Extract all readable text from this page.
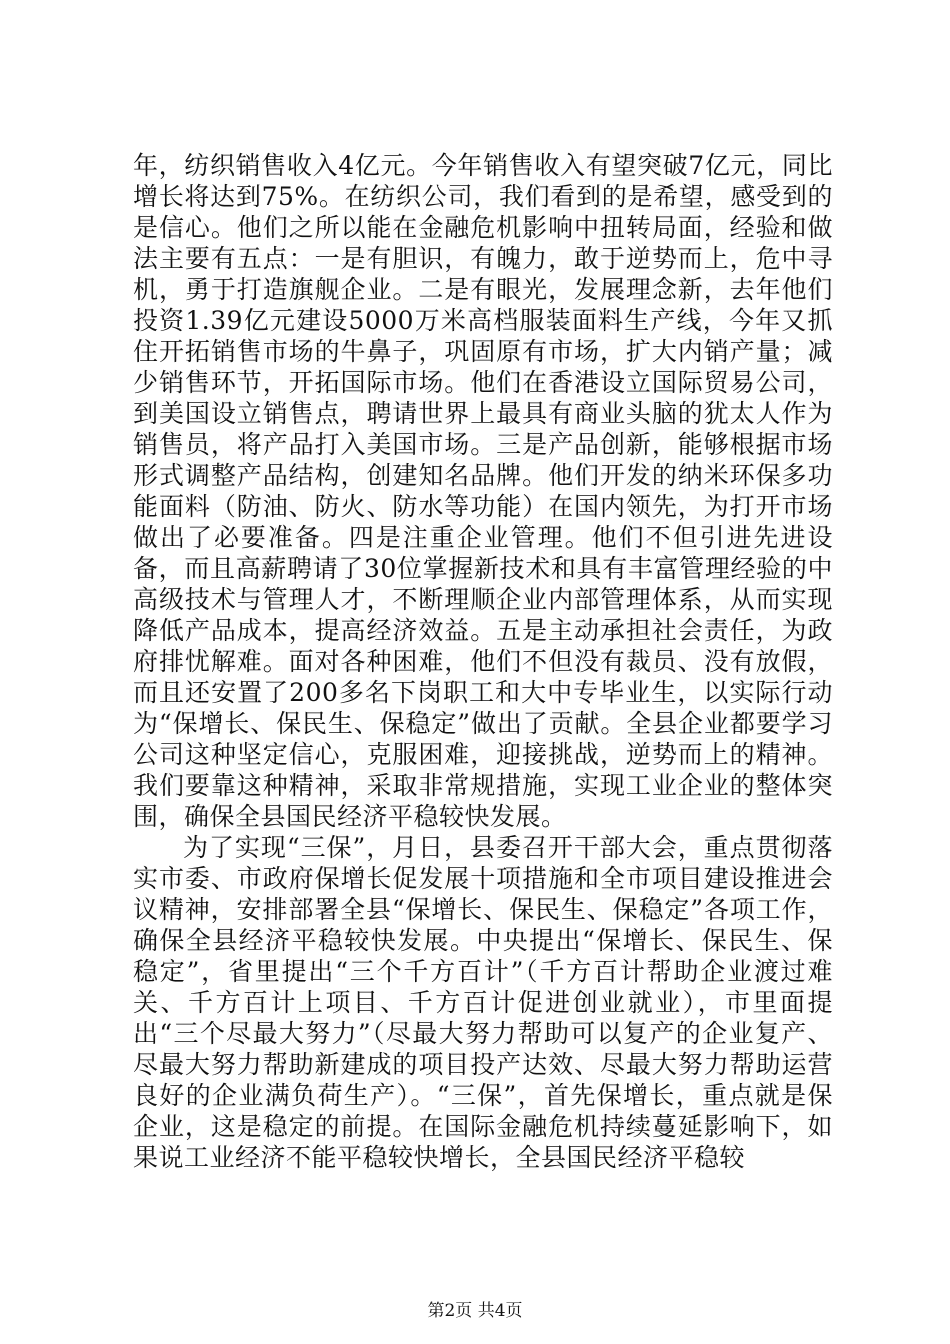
年，纺织销售收入4亿元。今年销售收入有望突破7亿元，同比增长将达到75%。在纺织公司，我们看到的是希望，感受到的是信心。他们之所以能在金融危机影响中扭转局面，经验和做法主要有五点：一是有胆识，有魄力，敢于逆势而上，危中寻机，勇于打造旗舰企业。二是有眼光，发展理念新，去年他们投资1.39亿元建设5000万米高档服装面料生产线，今年又抓住开拓销售市场的牛鼻子，巩固原有市场，扩大内销产量；减少销售环节，开拓国际市场。他们在香港设立国际贸易公司，到美国设立销售点，聘请世界上最具有商业头脑的犹太人作为销售员，将产品打入美国市场。三是产品创新，能够根据市场形式调整产品结构，创建知名品牌。他们开发的纳米环保多功能面料（防油、防火、防水等功能）在国内领先，为打开市场做出了必要准备。四是注重企业管理。他们不但引进先进设备，而且高薪聘请了30位掌握新技术和具有丰富管理经验的中高级技术与管理人才，不断理顺企业内部管理体系，从而实现降低产品成本，提高经济效益。五是主动承担社会责任，为政府排忧解难。面对各种困难，他们不但没有裁员、没有放假，而且还安置了200多名下岗职工和大中专毕业生，以实际行动为“保增长、保民生、保稳定”做出了贡献。全县企业都要学习公司这种坚定信心，克服困难，迎接挑战，逆势而上的精神。我们要靠这种精神，采取非常规措施，实现工业企业的整体突围，确保全县国民经济平稳较快发展。

为了实现“三保”，月日，县委召开干部大会，重点贯彻落实市委、市政府保增长促发展十项措施和全市项目建设推进会议精神，安排部署全县“保增长、保民生、保稳定”各项工作，确保全县经济平稳较快发展。中央提出“保增长、保民生、保稳定”，省里提出“三个千方百计”（千方百计帮助企业渡过难关、千方百计上项目、千方百计促进创业就业），市里面提出“三个尽最大努力”（尽最大努力帮助可以复产的企业复产、尽最大努力帮助新建成的项目投产达效、尽最大努力帮助运营良好的企业满负荷生产）。“三保”，首先保增长，重点就是保企业，这是稳定的前提。在国际金融危机持续蔓延影响下，如果说工业经济不能平稳较快增长，全县国民经济平稳较

第2页 共4页
